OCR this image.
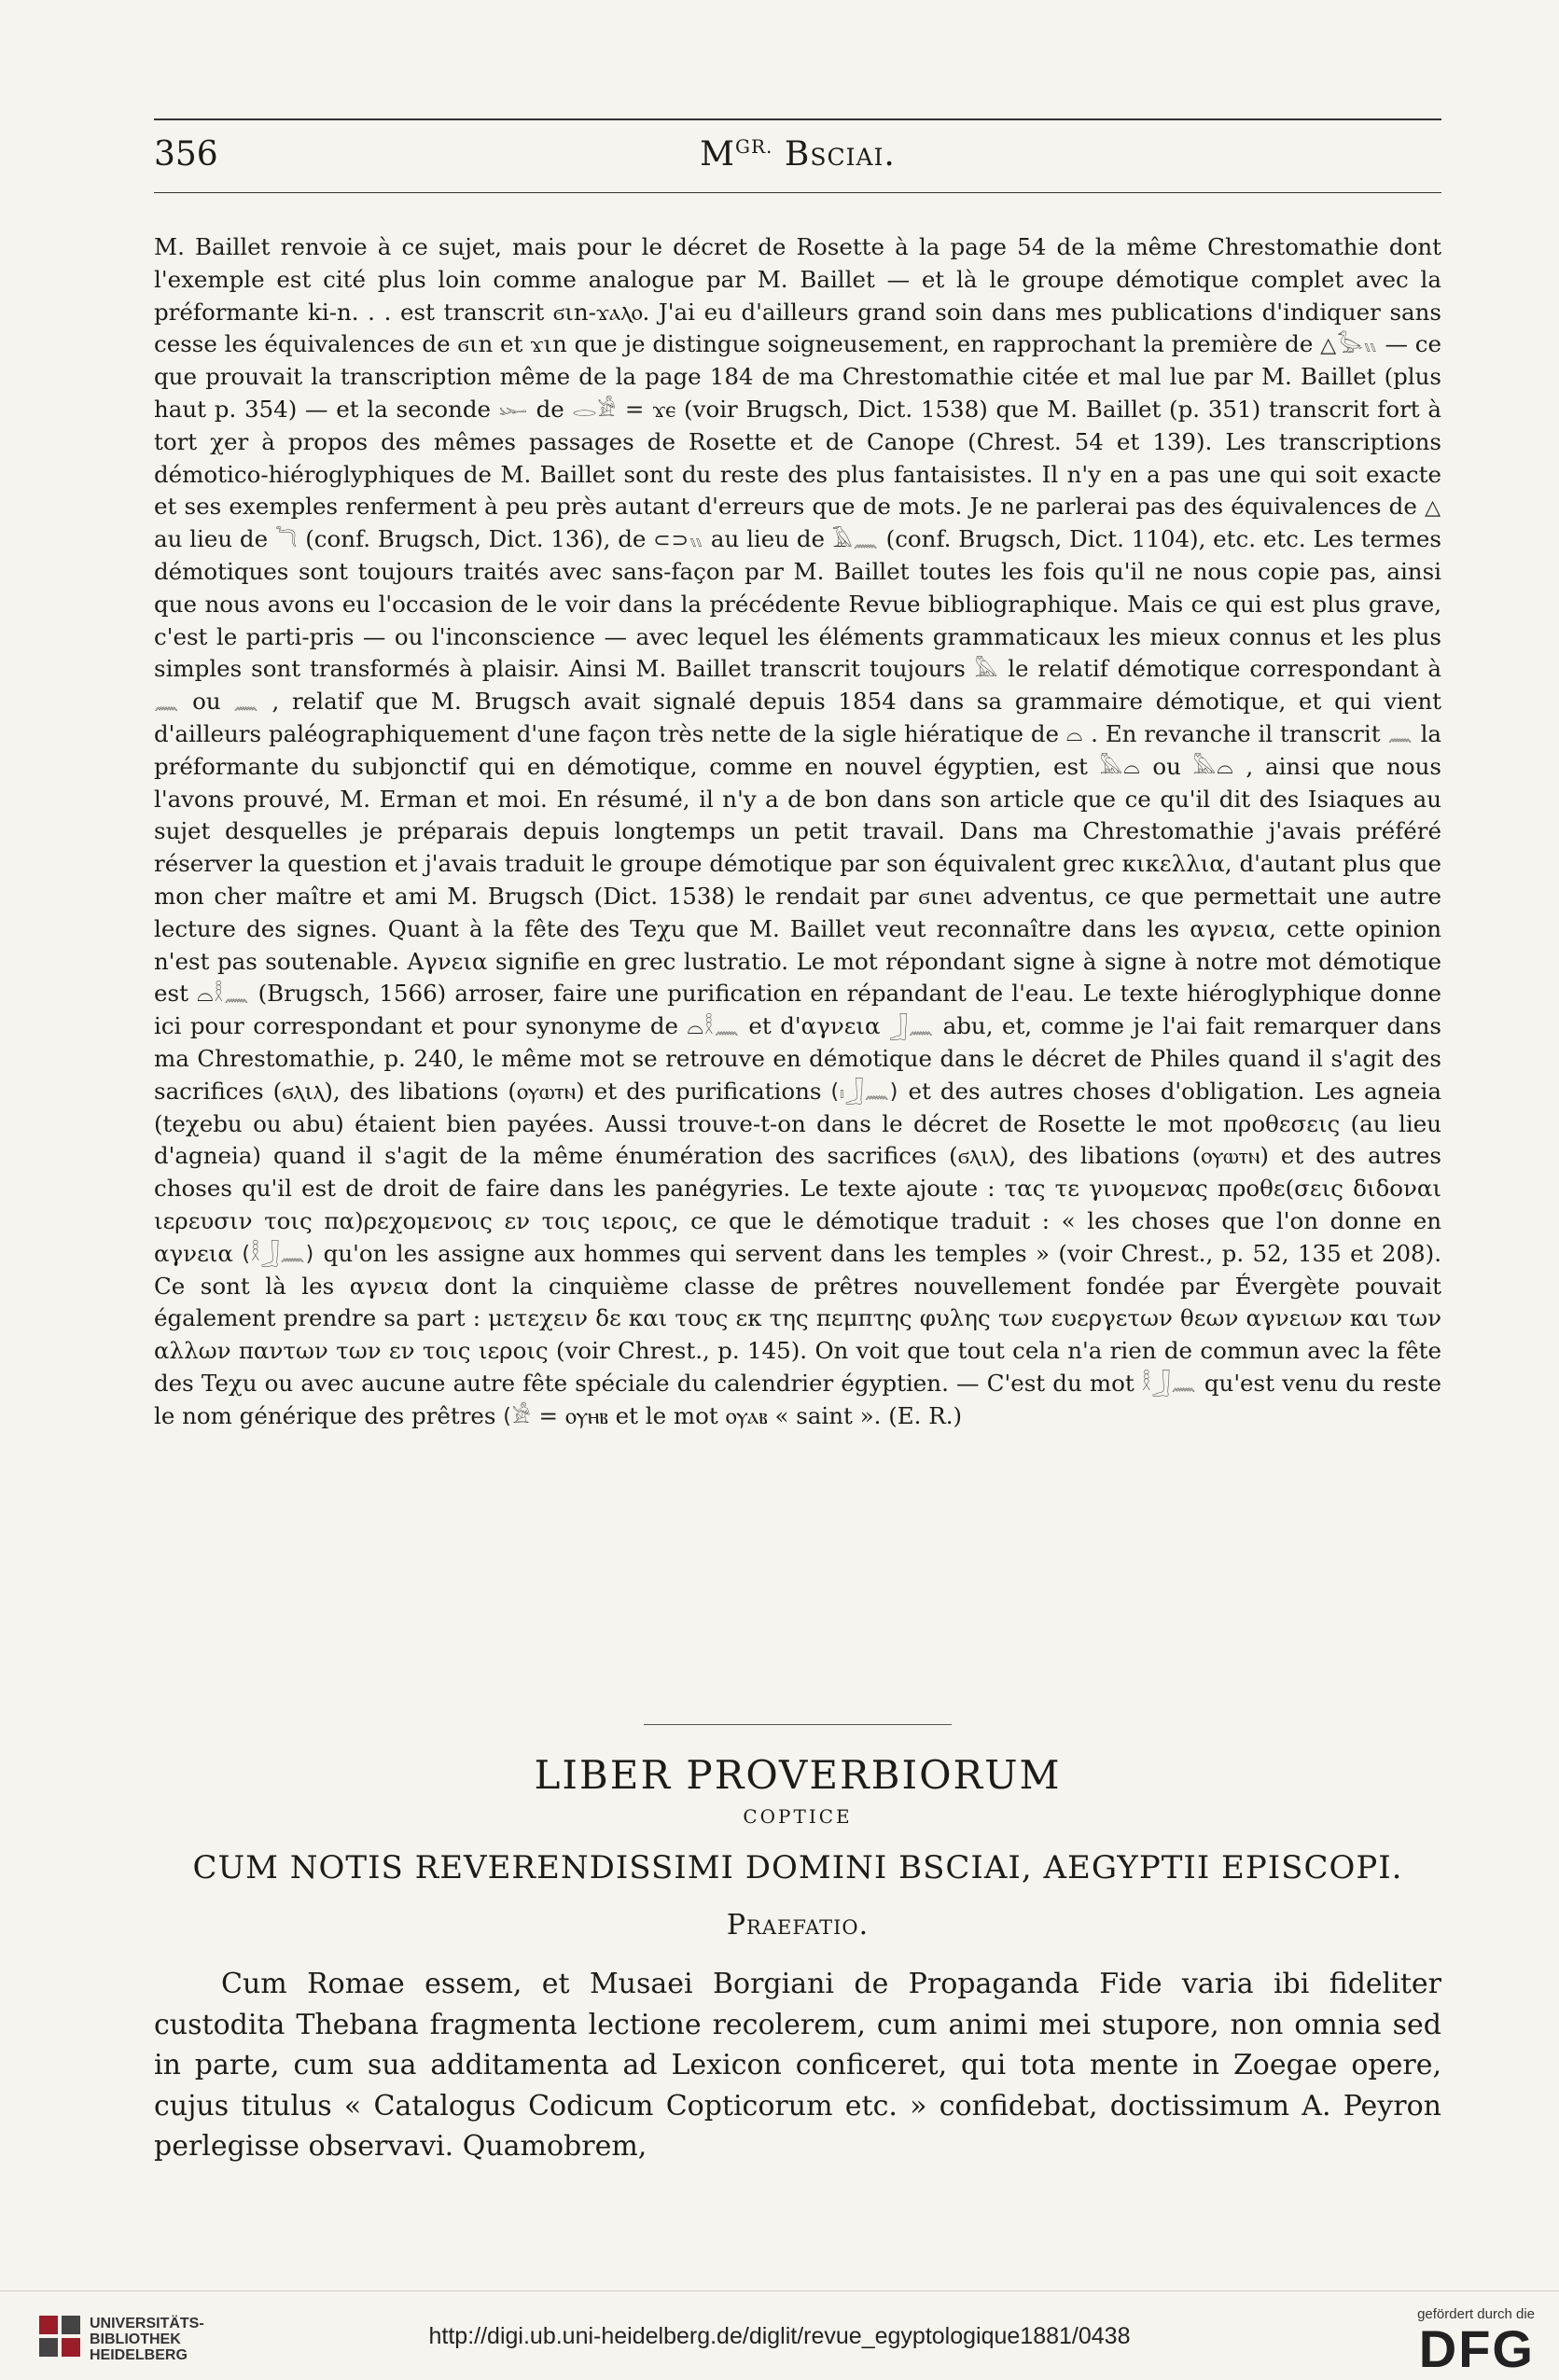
356	$M^{GR.}$ Bsciai.

M. Baillet renvoie à ce sujet, mais pour le décret de Rosette à la page 54 de la même Chrestomathie dont l'exemple est cité plus loin comme analogue par M. Baillet — et là le groupe démotique complet avec la préformante ki-n. . . est transcrit ϭιn-ϫⲁⲗⲟ. J'ai eu d'ailleurs grand soin dans mes publications d'indiquer sans cesse les équivalences de ϭιn et ϫιn que je distingue soigneusement, en rapprochant la première de △𓅭𓏭 — ce que prouvait la transcription même de la page 184 de ma Chrestomathie citée et mal lue par M. Baillet (plus haut p. 354) — et la seconde 𓆱 de 𓂋𓀀 = ϫⲉ (voir Brugsch, Dict. 1538) que M. Baillet (p. 351) transcrit fort à tort χer à propos des mêmes passages de Rosette et de Canope (Chrest. 54 et 139). Les transcriptions démotico-hiéroglyphiques de M. Baillet sont du reste des plus fantaisistes. Il n'y en a pas une qui soit exacte et ses exemples renferment à peu près autant d'erreurs que de mots. Je ne parlerai pas des équivalences de △ au lieu de 𓆓 (conf. Brugsch, Dict. 136), de ⊂⊃𓏭 au lieu de 𓄿𓈖 (conf. Brugsch, Dict. 1104), etc. etc. Les termes démotiques sont toujours traités avec sans-façon par M. Baillet toutes les fois qu'il ne nous copie pas, ainsi que nous avons eu l'occasion de le voir dans la précédente Revue bibliographique. Mais ce qui est plus grave, c'est le parti-pris — ou l'inconscience — avec lequel les éléments grammaticaux les mieux connus et les plus simples sont transformés à plaisir. Ainsi M. Baillet transcrit toujours 𓅓 le relatif démotique correspondant à 𓈖 ou 𓈖 , relatif que M. Brugsch avait signalé depuis 1854 dans sa grammaire démotique, et qui vient d'ailleurs paléographiquement d'une façon très nette de la sigle hiératique de ⌓ . En revanche il transcrit 𓈖 la préformante du subjonctif qui en démotique, comme en nouvel égyptien, est 𓅓⌓ ou 𓅓⌓ , ainsi que nous l'avons prouvé, M. Erman et moi. En résumé, il n'y a de bon dans son article que ce qu'il dit des Isiaques au sujet desquelles je préparais depuis longtemps un petit travail. Dans ma Chrestomathie j'avais préféré réserver la question et j'avais traduit le groupe démotique par son équivalent grec κικελλια, d'autant plus que mon cher maître et ami M. Brugsch (Dict. 1538) le rendait par ϭιnⲉι adventus, ce que permettait une autre lecture des signes. Quant à la fête des Teχu que M. Baillet veut reconnaître dans les αγνεια, cette opinion n'est pas soutenable. Αγνεια signifie en grec lustratio. Le mot répondant signe à signe à notre mot démotique est ⌓𓎛𓈖 (Brugsch, 1566) arroser, faire une purification en répandant de l'eau. Le texte hiéroglyphique donne ici pour correspondant et pour synonyme de ⌓𓎛𓈖 et d'αγνεια 𓃀𓈖 abu, et, comme je l'ai fait remarquer dans ma Chrestomathie, p. 240, le même mot se retrouve en démotique dans le décret de Philes quand il s'agit des sacrifices (ϭⲗιⲗ), des libations (ⲟⲩⲱⲧⲛ) et des purifications (𓏤𓃀𓈖) et des autres choses d'obligation. Les agneia (teχebu ou abu) étaient bien payées. Aussi trouve-t-on dans le décret de Rosette le mot προθεσεις (au lieu d'agneia) quand il s'agit de la même énumération des sacrifices (ϭⲗιⲗ), des libations (ⲟⲩⲱⲧⲛ) et des autres choses qu'il est de droit de faire dans les panégyries. Le texte ajoute : τας τε γινομενας προθε(σεις διδοναι ιερευσιν τοις πα)ρεχομενοις εν τοις ιεροις, ce que le démotique traduit : « les choses que l'on donne en αγνεια (𓎛𓃀𓈖) qu'on les assigne aux hommes qui servent dans les temples » (voir Chrest., p. 52, 135 et 208). Ce sont là les αγνεια dont la cinquième classe de prêtres nouvellement fondée par Évergète pouvait également prendre sa part : μετεχειν δε και τους εκ της πεμπτης φυλης των ευεργετων θεων αγνειων και των αλλων παντων των εν τοις ιεροις (voir Chrest., p. 145). On voit que tout cela n'a rien de commun avec la fête des Teχu ou avec aucune autre fête spéciale du calendrier égyptien. — C'est du mot 𓎛𓃀𓈖 qu'est venu du reste le nom générique des prêtres (𓀀 = ⲟⲩⲏⲃ et le mot ⲟⲩⲁⲃ « saint ». (E. R.)

LIBER PROVERBIORUM
COPTICE
CUM NOTIS REVERENDISSIMI DOMINI BSCIAI, AEGYPTII EPISCOPI.
Praefatio.
Cum Romae essem, et Musaei Borgiani de Propaganda Fide varia ibi fideliter custodita Thebana fragmenta lectione recolerem, cum animi mei stupore, non omnia sed in parte, cum sua additamenta ad Lexicon conficeret, qui tota mente in Zoegae opere, cujus titulus « Catalogus Codicum Copticorum etc. » confidebat, doctissimum A. Peyron perlegisse observavi. Quamobrem,
UNIVERSITÄTS-
BIBLIOTHEK
HEIDELBERG
http://digi.ub.uni-heidelberg.de/diglit/revue_egyptologique1881/0438
gefördert durch die
DFG
